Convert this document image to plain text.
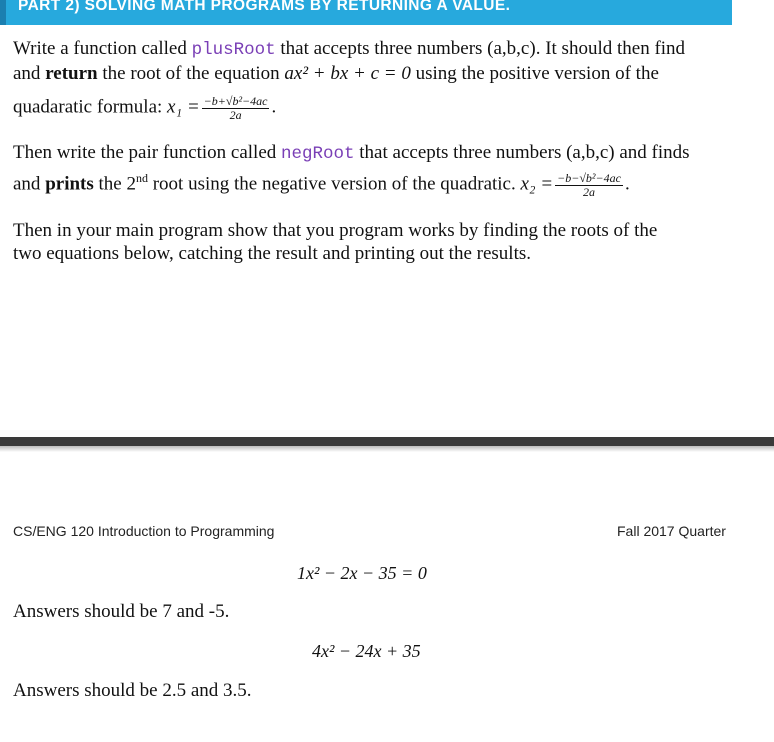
PART 2) SOLVING MATH PROGRAMS BY RETURNING A VALUE.
Write a function called plusRoot that accepts three numbers (a,b,c). It should then find
and return the root of the equation ax² + bx + c = 0 using the positive version of the
quadaratic formula: $x_1 = \frac{\text{−b+√b²−4ac}}{2a}$ .
Then write the pair function called negRoot that accepts three numbers (a,b,c) and finds
and prints the 2nd root using the negative version of the quadratic. $x_2 = \frac{\text{−b−√b²−4ac}}{2a}$ .
Then in your main program show that you program works by finding the roots of the
two equations below, catching the result and printing out the results.
CS/ENG 120 Introduction to Programming	Fall 2017 Quarter
1x² − 2x − 35 = 0
Answers should be 7 and -5.
4x² − 24x + 35
Answers should be 2.5 and 3.5.
